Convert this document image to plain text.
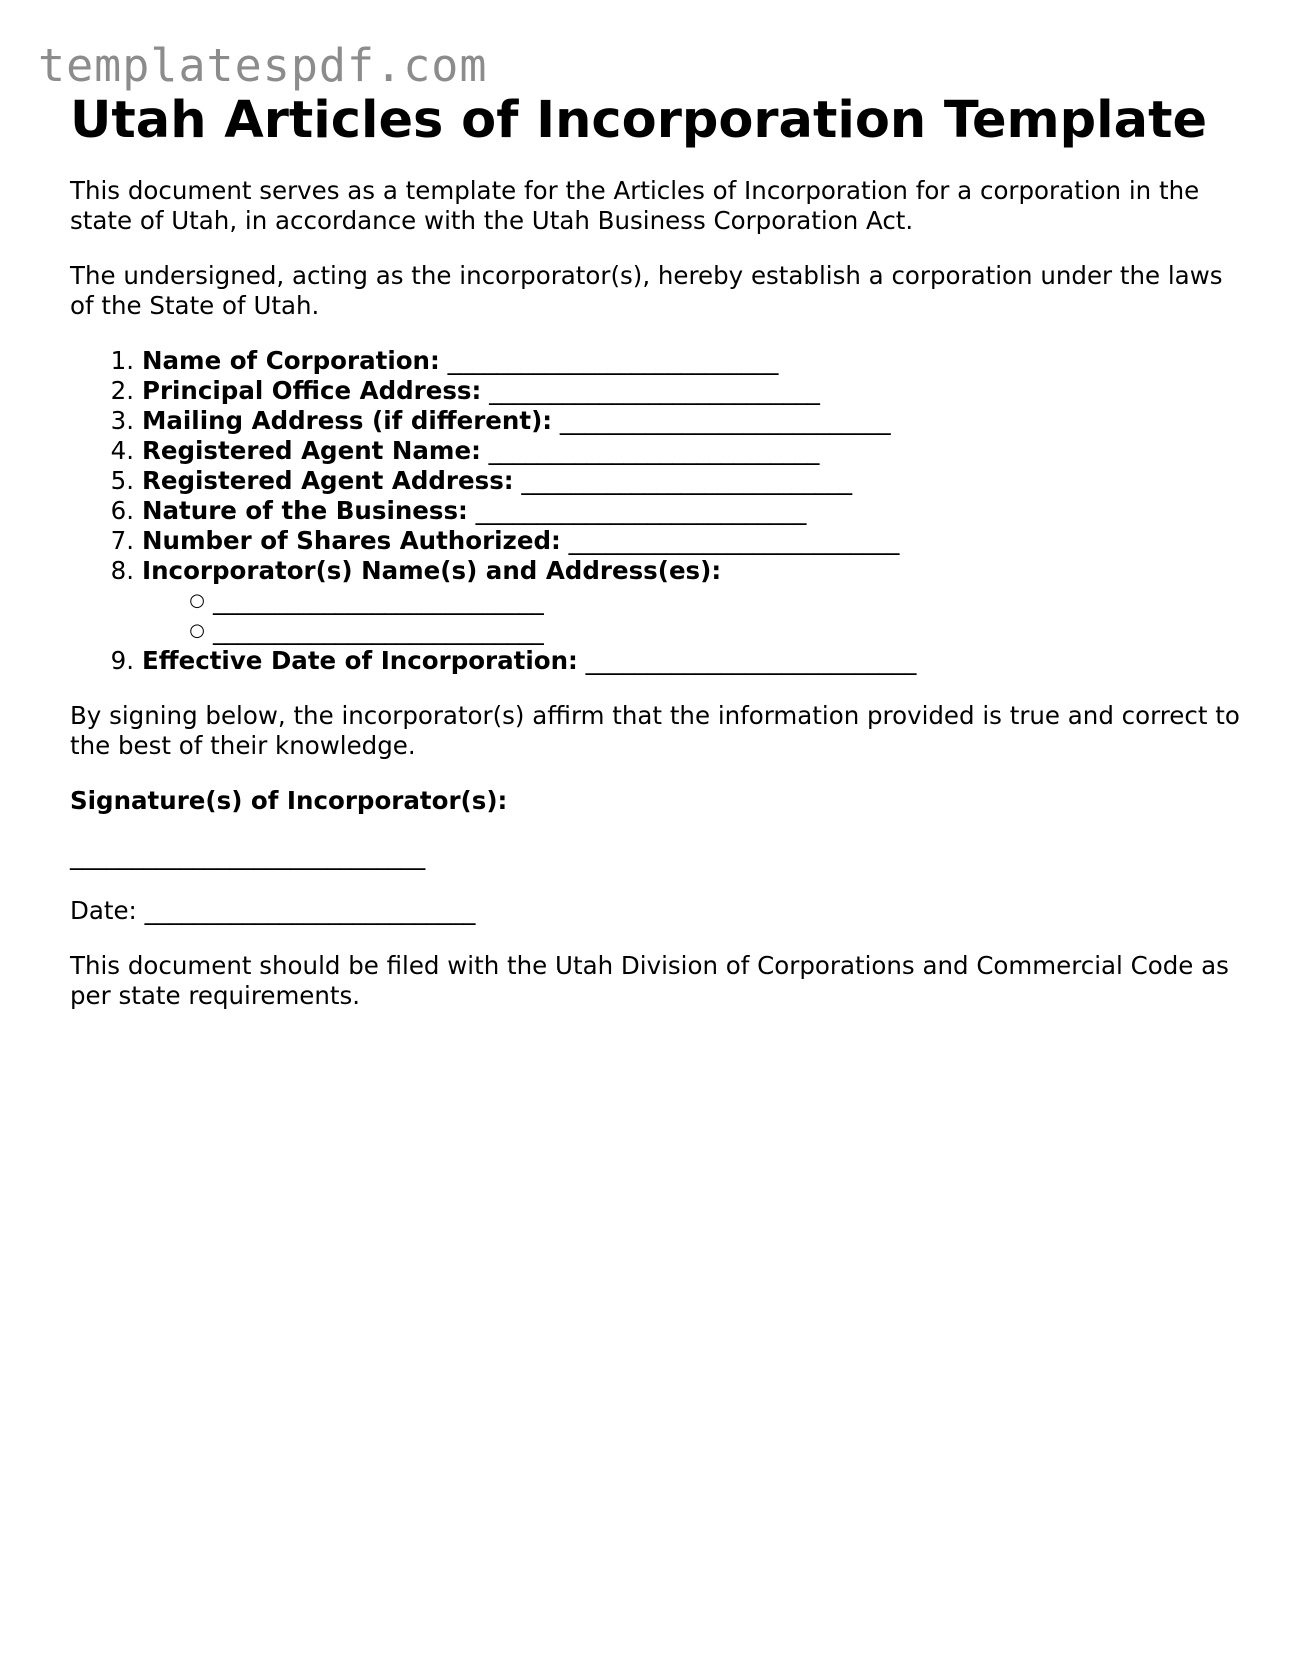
templatespdf.com
Utah Articles of Incorporation Template

This document serves as a template for the Articles of Incorporation for a corporation in the state of Utah, in accordance with the Utah Business Corporation Act.

The undersigned, acting as the incorporator(s), hereby establish a corporation under the laws of the State of Utah.

1. Name of Corporation: ___________________________
2. Principal Office Address: ___________________________
3. Mailing Address (if different): ___________________________
4. Registered Agent Name: ___________________________
5. Registered Agent Address: ___________________________
6. Nature of the Business: ___________________________
7. Number of Shares Authorized: ___________________________
8. Incorporator(s) Name(s) and Address(es):
○ ___________________________
○ ___________________________
9. Effective Date of Incorporation: ___________________________

By signing below, the incorporator(s) affirm that the information provided is true and correct to the best of their knowledge.

Signature(s) of Incorporator(s):

_____________________________

Date: ___________________________

This document should be filed with the Utah Division of Corporations and Commercial Code as per state requirements.
